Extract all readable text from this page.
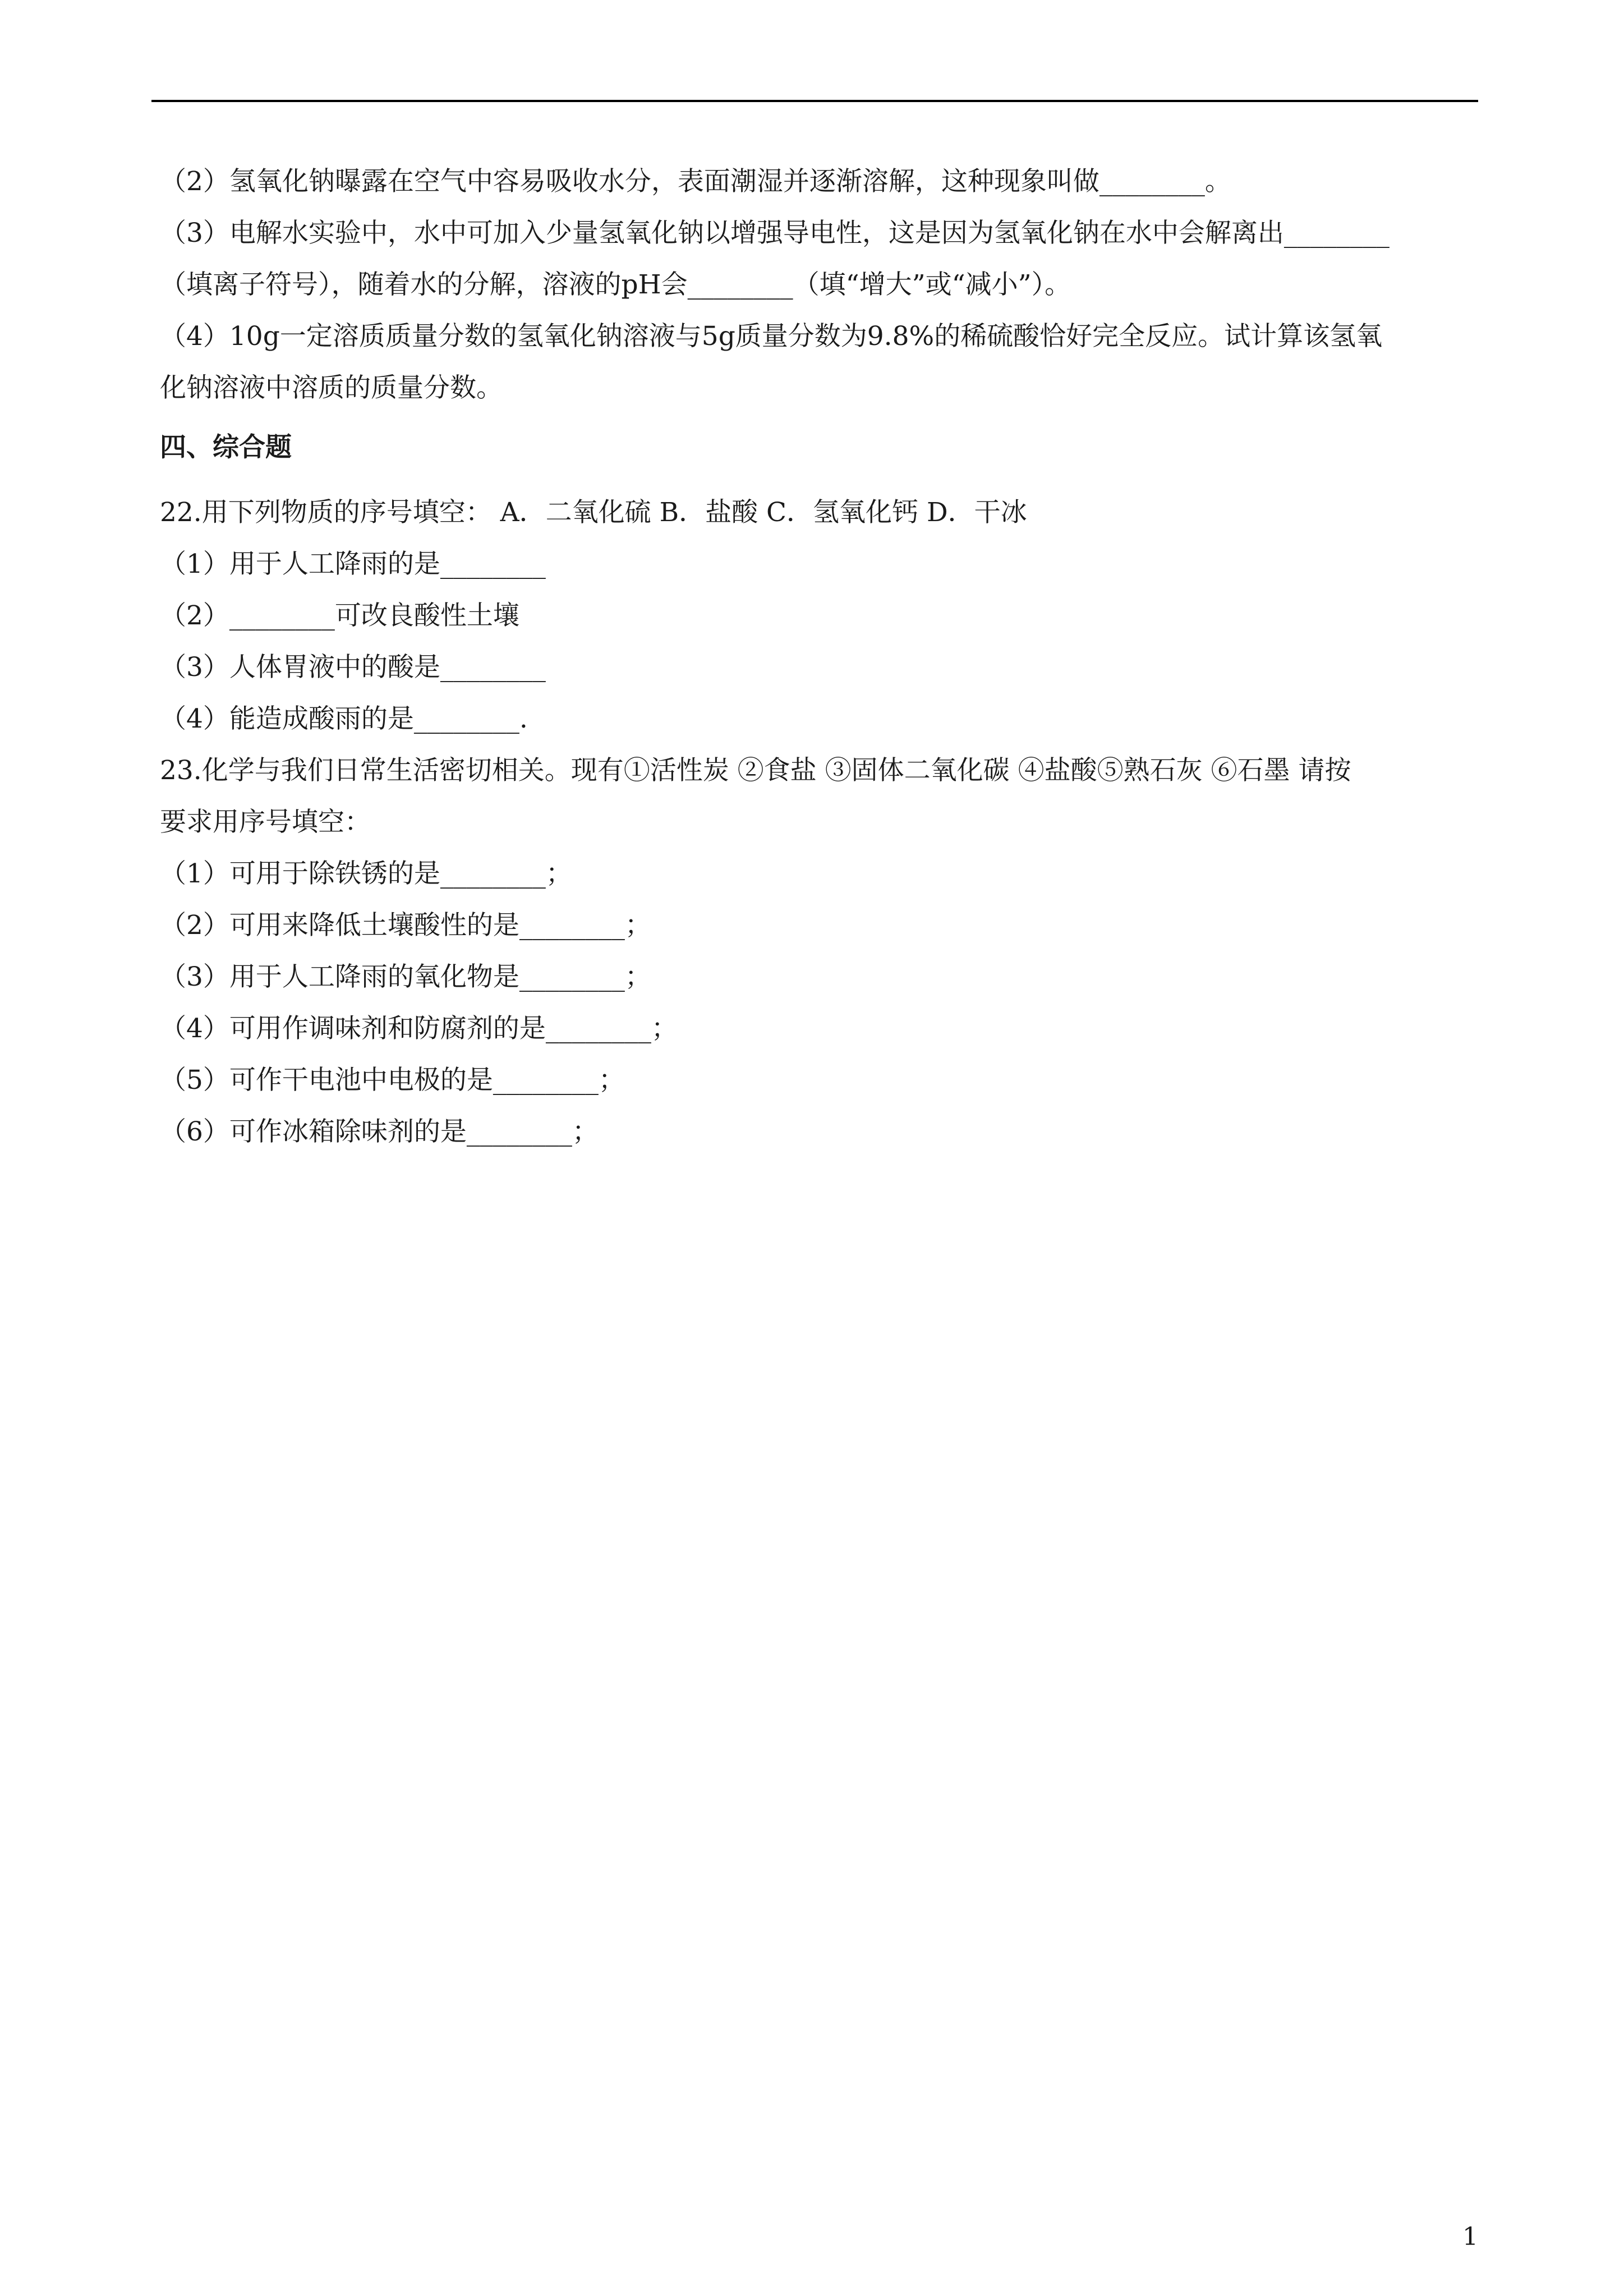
（2）氢氧化钠曝露在空气中容易吸收水分，表面潮湿并逐渐溶解，这种现象叫做________。
（3）电解水实验中，水中可加入少量氢氧化钠以增强导电性，这是因为氢氧化钠在水中会解离出________
（填离子符号），随着水的分解，溶液的pH会________（填“增大”或“减小”）。
（4）10g一定溶质质量分数的氢氧化钠溶液与5g质量分数为9.8%的稀硫酸恰好完全反应。试计算该氢氧
化钠溶液中溶质的质量分数。
四、综合题
22.用下列物质的序号填空： A．二氧化硫 B．盐酸 C．氢氧化钙 D．干冰
（1）用于人工降雨的是________
（2）________可改良酸性土壤
（3）人体胃液中的酸是________
（4）能造成酸雨的是________.
23.化学与我们日常生活密切相关。现有①活性炭 ②食盐 ③固体二氧化碳 ④盐酸⑤熟石灰 ⑥石墨 请按
要求用序号填空：
（1）可用于除铁锈的是________；
（2）可用来降低土壤酸性的是________；
（3）用于人工降雨的氧化物是________；
（4）可用作调味剂和防腐剂的是________；
（5）可作干电池中电极的是________；
（6）可作冰箱除味剂的是________；
1
